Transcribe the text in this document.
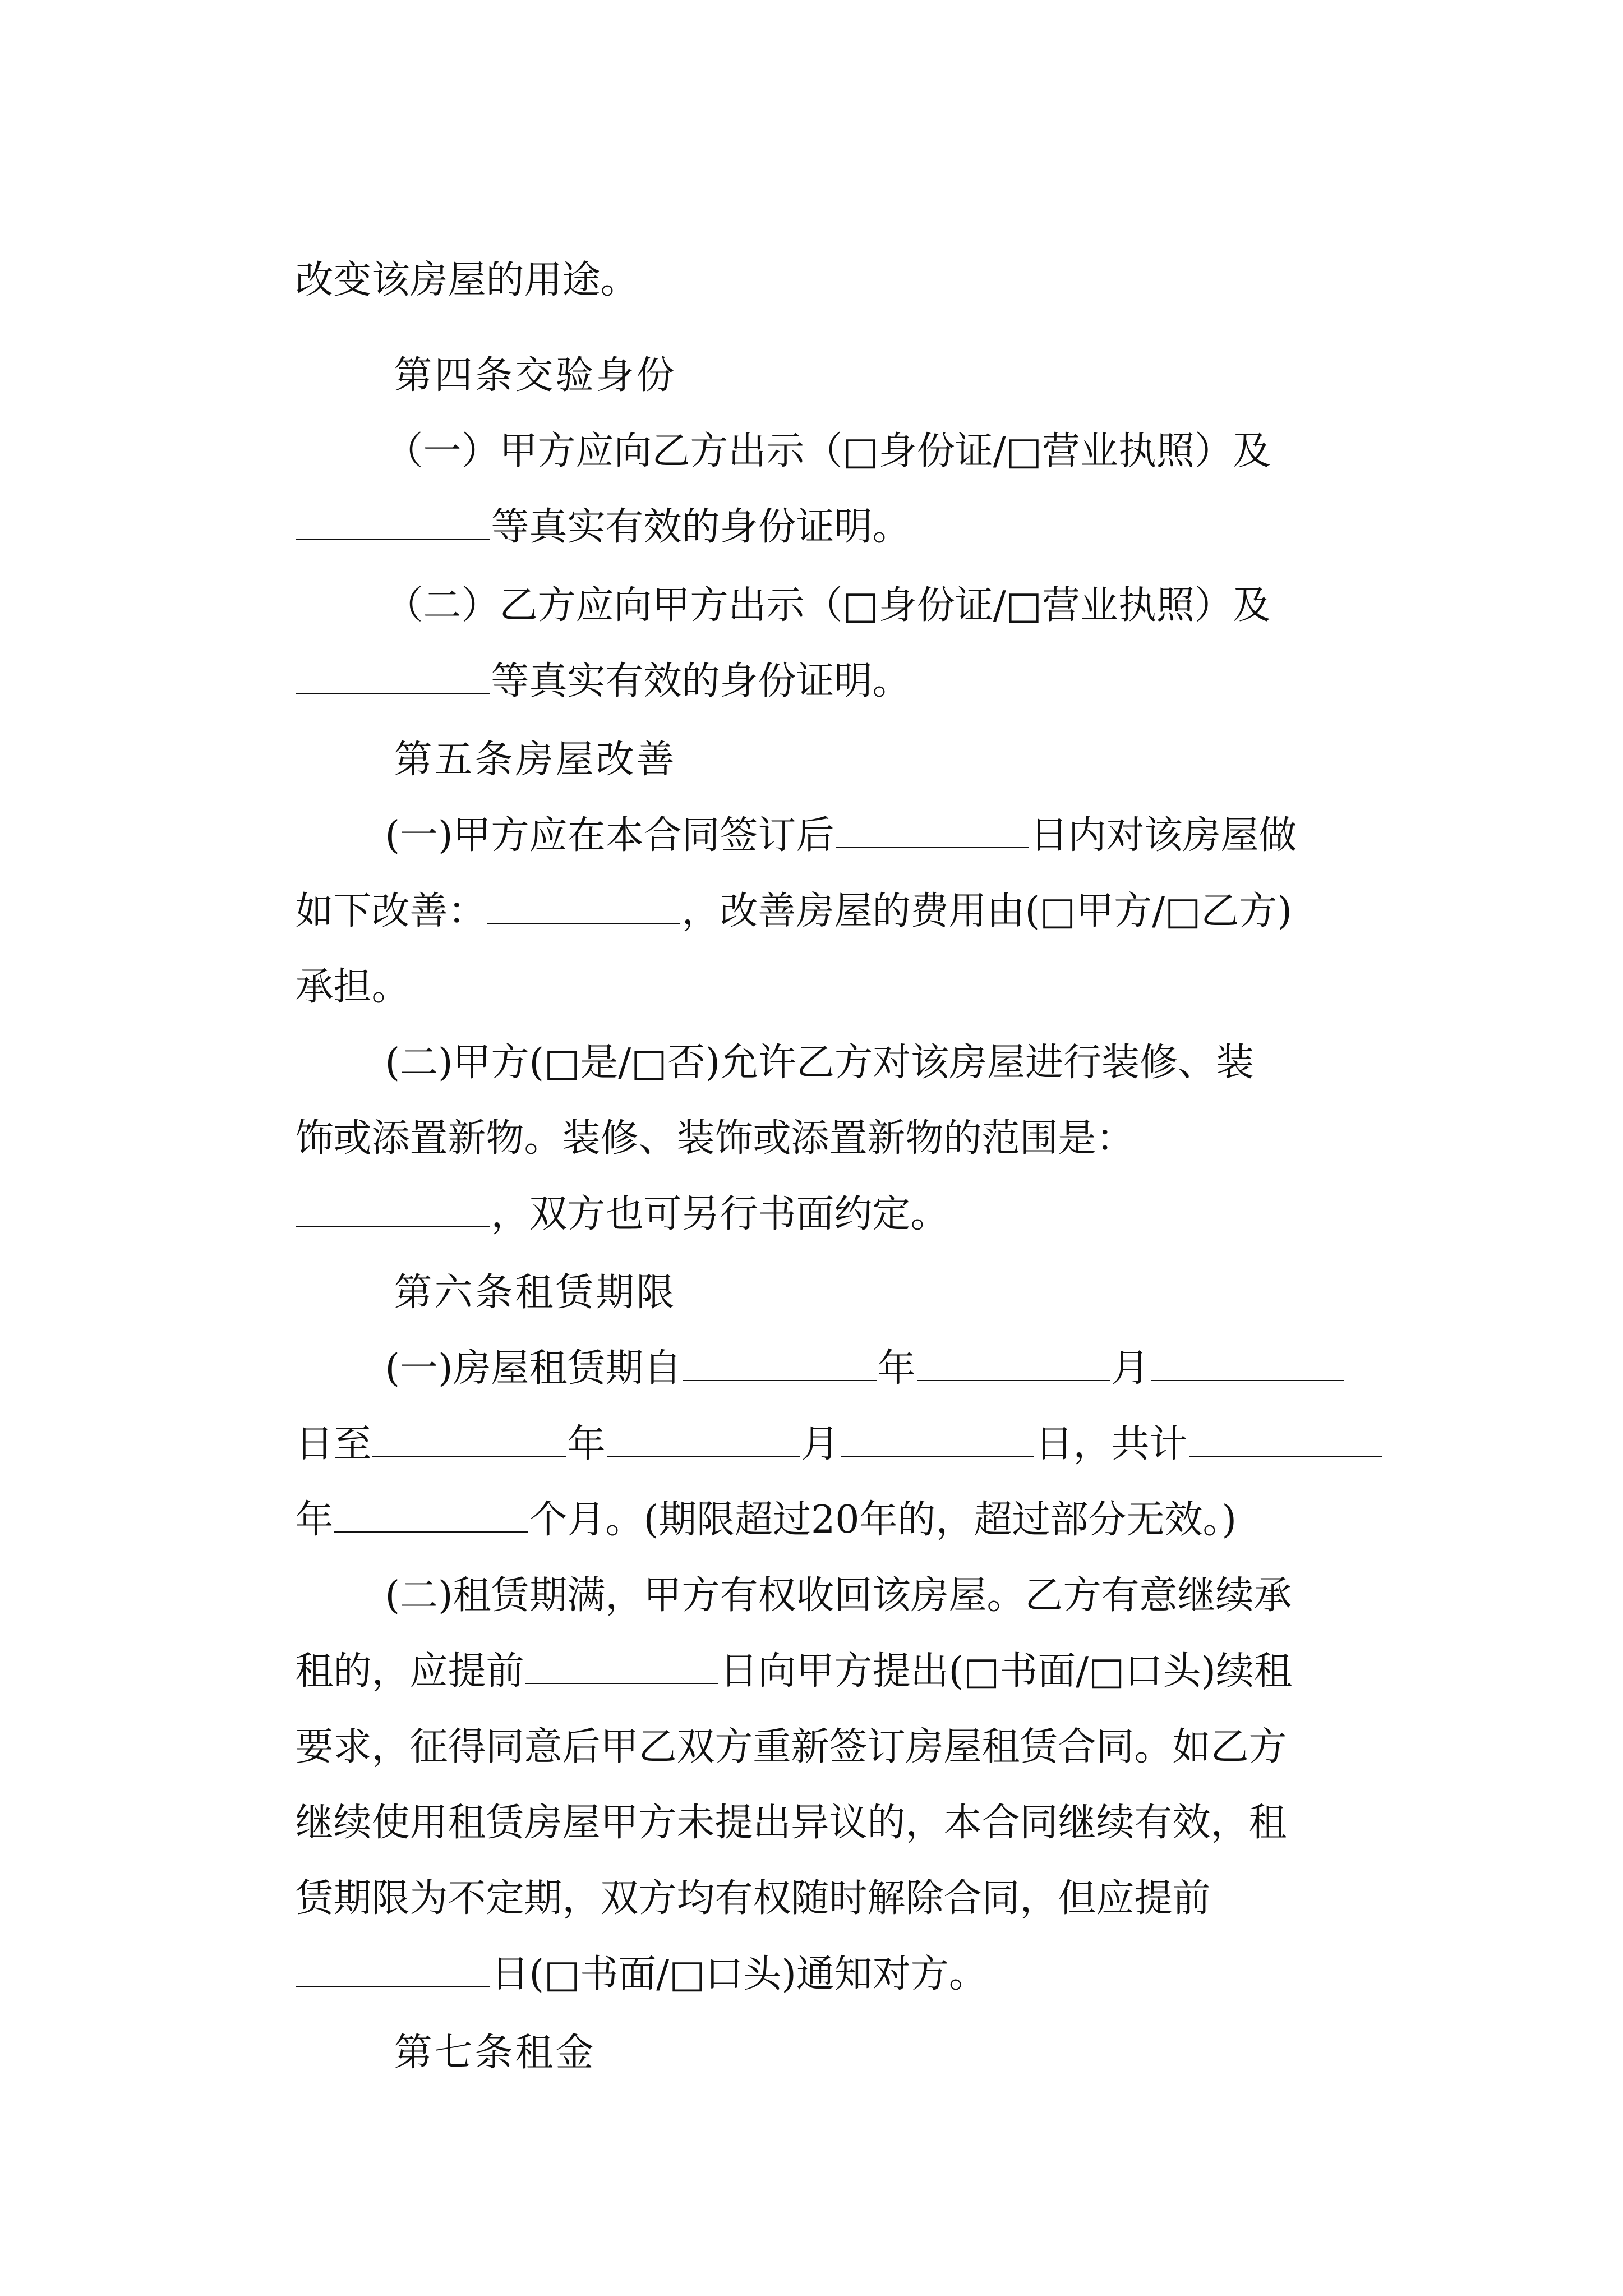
改变该房屋的用途。

第四条交验身份

（一）甲方应向乙方出示（□身份证/□营业执照）及

等真实有效的身份证明。

（二）乙方应向甲方出示（□身份证/□营业执照）及

等真实有效的身份证明。

第五条房屋改善

(一)甲方应在本合同签订后	日内对该房屋做

如下改善：	，改善房屋的费用由(□甲方/□乙方)

承担。

(二)甲方(□是/□否)允许乙方对该房屋进行装修、装

饰或添置新物。装修、装饰或添置新物的范围是：

，双方也可另行书面约定。

第六条租赁期限

(一)房屋租赁期自	年	月

日至	年	月	日，共计

年	个月。(期限超过20年的，超过部分无效。)

(二)租赁期满，甲方有权收回该房屋。乙方有意继续承

租的，应提前	日向甲方提出(□书面/□口头)续租

要求，征得同意后甲乙双方重新签订房屋租赁合同。如乙方

继续使用租赁房屋甲方未提出异议的，本合同继续有效，租

赁期限为不定期，双方均有权随时解除合同，但应提前

日(□书面/□口头)通知对方。

第七条租金
